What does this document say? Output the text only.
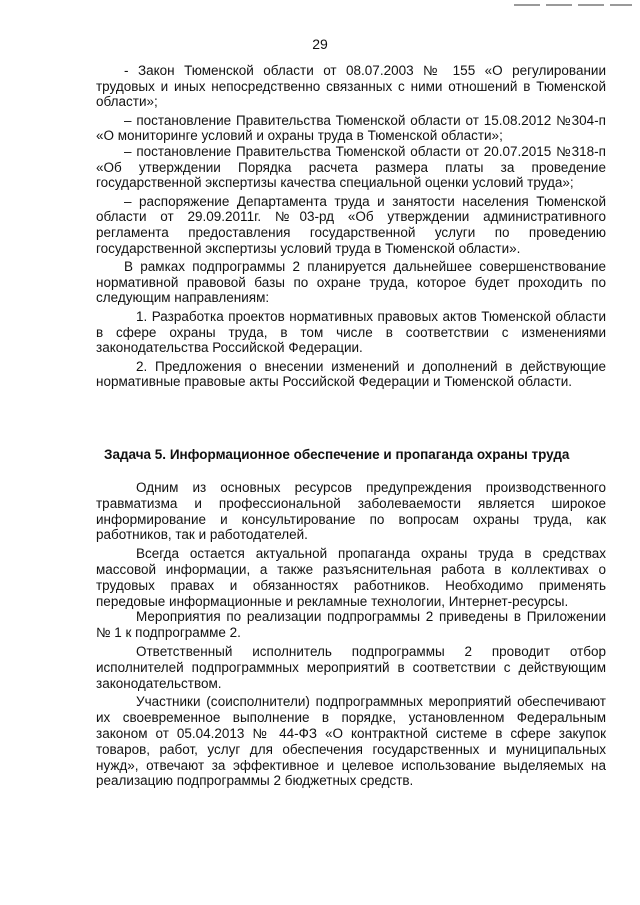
29

- Закон Тюменской области от 08.07.2003 № 155 «О регулировании трудовых и иных непосредственно связанных с ними отношений в Тюменской области»;

– постановление Правительства Тюменской области от 15.08.2012 №304-п «О мониторинге условий и охраны труда в Тюменской области»;

– постановление Правительства Тюменской области от 20.07.2015 №318-п «Об утверждении Порядка расчета размера платы за проведение государственной экспертизы качества специальной оценки условий труда»;

– распоряжение Департамента труда и занятости населения Тюменской области от 29.09.2011г. №03-рд «Об утверждении административного регламента предоставления государственной услуги по проведению государственной экспертизы условий труда в Тюменской области».

В рамках подпрограммы 2 планируется дальнейшее совершенствование нормативной правовой базы по охране труда, которое будет проходить по следующим направлениям:

1. Разработка проектов нормативных правовых актов Тюменской области в сфере охраны труда, в том числе в соответствии с изменениями законодательства Российской Федерации.

2. Предложения о внесении изменений и дополнений в действующие нормативные правовые акты Российской Федерации и Тюменской области.

Задача 5. Информационное обеспечение и пропаганда охраны труда

Одним из основных ресурсов предупреждения производственного травматизма и профессиональной заболеваемости является широкое информирование и консультирование по вопросам охраны труда, как работников, так и работодателей.

Всегда остается актуальной пропаганда охраны труда в средствах массовой информации, а также разъяснительная работа в коллективах о трудовых правах и обязанностях работников. Необходимо применять передовые информационные и рекламные технологии, Интернет-ресурсы.

Мероприятия по реализации подпрограммы 2 приведены в Приложении № 1 к подпрограмме 2.

Ответственный исполнитель подпрограммы 2 проводит отбор исполнителей подпрограммных мероприятий в соответствии с действующим законодательством.

Участники (соисполнители) подпрограммных мероприятий обеспечивают их своевременное выполнение в порядке, установленном Федеральным законом от 05.04.2013 № 44-ФЗ «О контрактной системе в сфере закупок товаров, работ, услуг для обеспечения государственных и муниципальных нужд», отвечают за эффективное и целевое использование выделяемых на реализацию подпрограммы 2 бюджетных средств.
